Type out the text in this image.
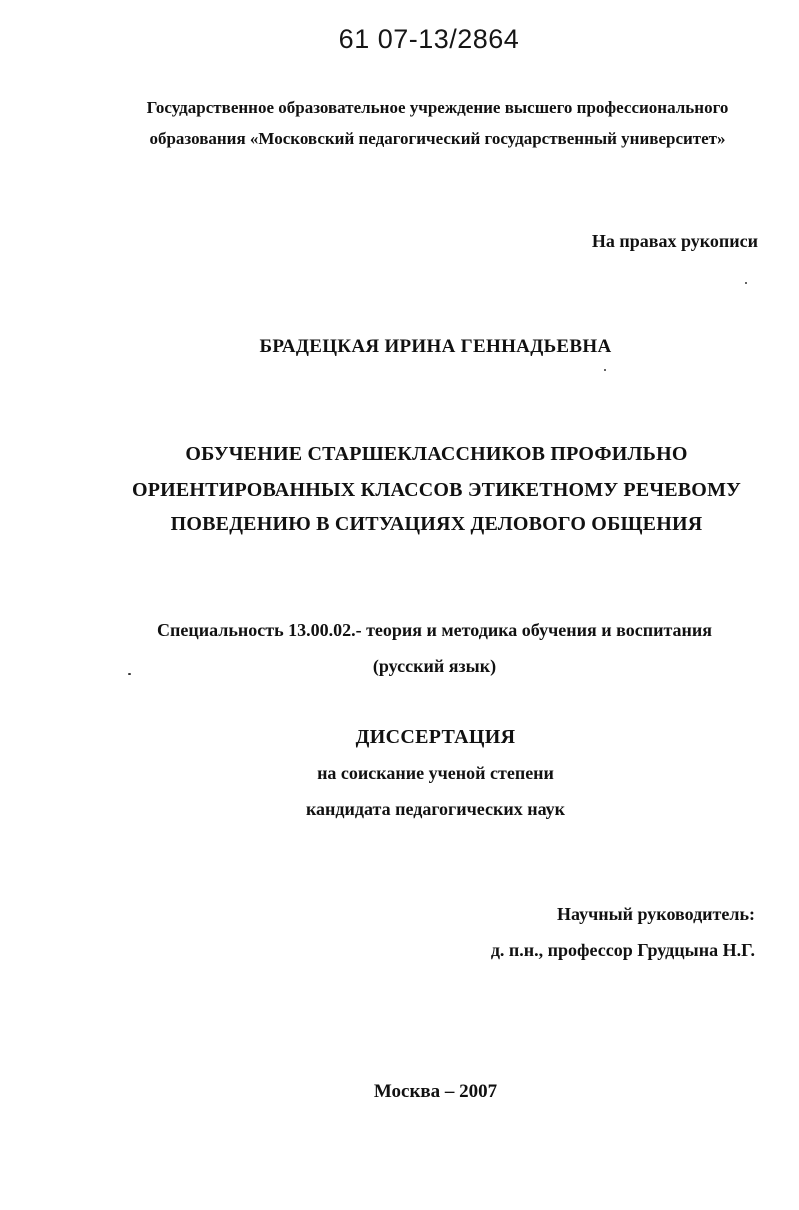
61 07-13/2864
Государственное образовательное учреждение высшего профессионального
образования «Московский педагогический государственный университет»
На правах рукописи
БРАДЕЦКАЯ ИРИНА ГЕННАДЬЕВНА
ОБУЧЕНИЕ СТАРШЕКЛАССНИКОВ ПРОФИЛЬНО
ОРИЕНТИРОВАННЫХ КЛАССОВ ЭТИКЕТНОМУ РЕЧЕВОМУ
ПОВЕДЕНИЮ В СИТУАЦИЯХ ДЕЛОВОГО ОБЩЕНИЯ
Специальность 13.00.02.- теория и методика обучения и воспитания
(русский язык)
ДИССЕРТАЦИЯ
на соискание ученой степени
кандидата педагогических наук
Научный руководитель:
д. п.н., профессор Грудцына Н.Г.
Москва – 2007
